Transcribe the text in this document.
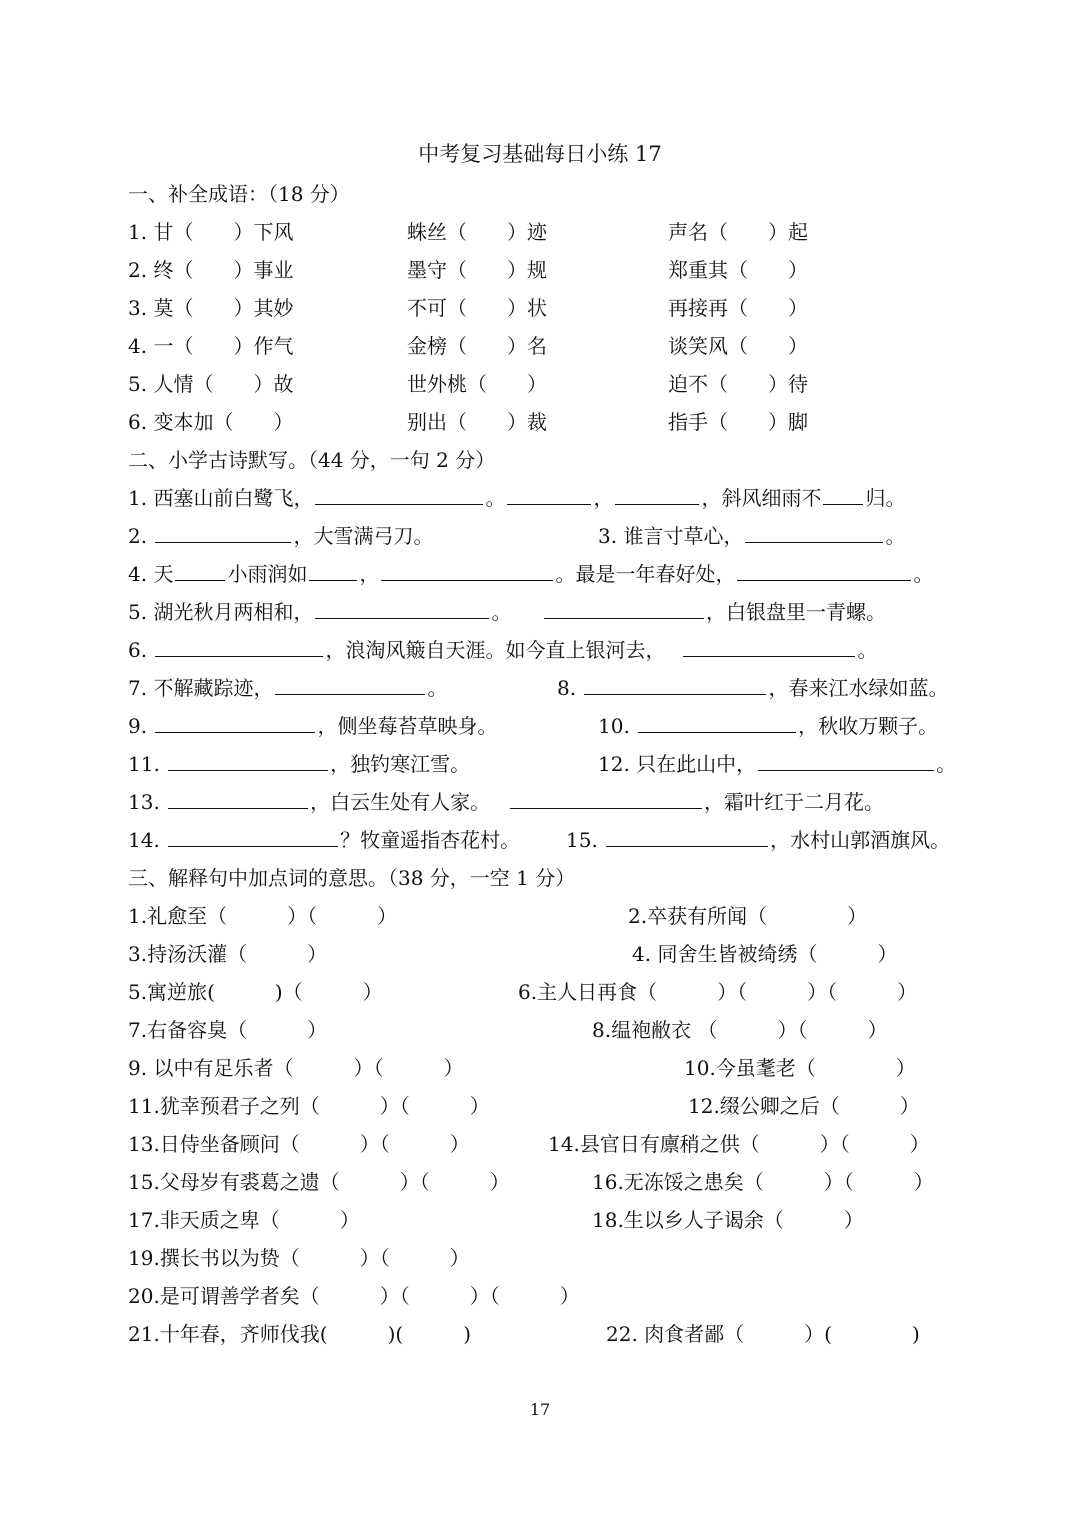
中考复习基础每日小练 17
一、补全成语：（18 分）
1. 甘（　　）下风	蛛丝（　　）迹	声名（　　）起
2. 终（　　）事业	墨守（　　）规	郑重其（　　）
3. 莫（　　）其妙	不可（　　）状	再接再（　　）
4. 一（　　）作气	金榜（　　）名	谈笑风（　　）
5. 人情（　　）故	世外桃（　　）	迫不（　　）待
6. 变本加（　　）	别出（　　）裁	指手（　　）脚
二、小学古诗默写。（44 分，一句 2 分）
1. 西塞山前白鹭飞，	。	，	，斜风细雨不 归。
2.	，大雪满弓刀。	3. 谁言寸草心，	。
4. 天	小雨润如	，	。最是一年春好处，	。
5. 湖光秋月两相和，	。	，白银盘里一青螺。
6.	，浪淘风簸自天涯。如今直上银河去，	。
7. 不解藏踪迹，	。	8.	，春来江水绿如蓝。
9.	，侧坐莓苔草映身。	10.	，秋收万颗子。
11.	，独钓寒江雪。	12. 只在此山中，	。
13.	，白云生处有人家。	，霜叶红于二月花。
14.	？牧童遥指杏花村。 15.	，水村山郭酒旗风。
三、解释句中加点词的意思。（38 分，一空 1 分）
1.礼愈至（　　　）（　　　）	2.卒获有所闻（　　　　）
3.持汤沃灌（　　　）	4. 同舍生皆被绮绣（　　　）
5.寓逆旅(　　　)（　　　）	6.主人日再食（　　　）（　　　）（　　　）
7.右备容臭（　　　）	8.缊袍敝衣 （　　　）（　　　）
9. 以中有足乐者（　　　）（　　　）	10.今虽耄老（　　　　）
11.犹幸预君子之列（　　　）（　　　）	12.缀公卿之后（　　　）
13.日侍坐备顾问（　　　）（　　　）	14.县官日有廪稍之供（　　　）（　　　）
15.父母岁有裘葛之遗（　　　）（　　　）	16.无冻馁之患矣（　　　）（　　　）
17.非天质之卑（　　　）	18.生以乡人子谒余（　　　）
19.撰长书以为贽（　　　）（　　　）
20.是可谓善学者矣（　　　）（　　　）（　　　）
21.十年春，齐师伐我(　　　)(　　　)	22. 肉食者鄙（　　　）(　　　　)
17
